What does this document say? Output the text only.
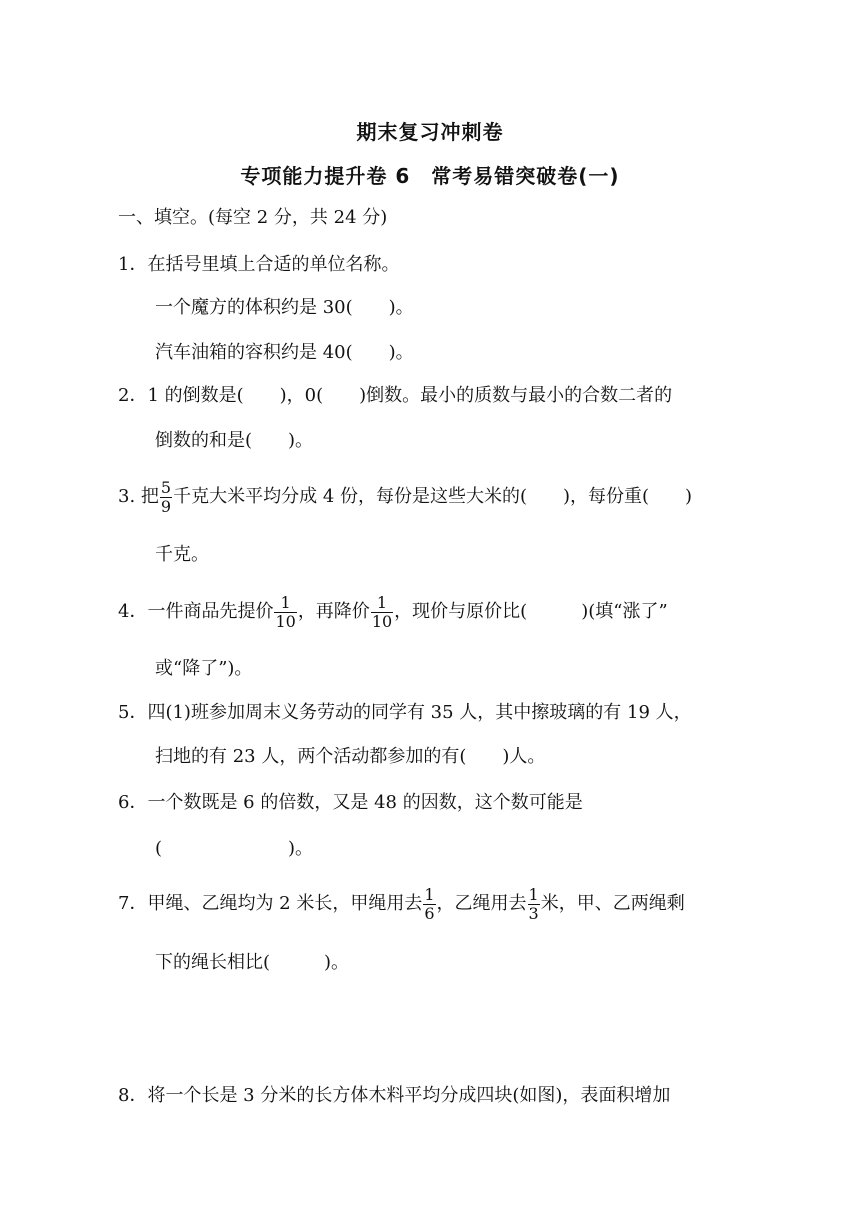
期末复习冲刺卷
专项能力提升卷 6　常考易错突破卷(一)
一、填空。(每空 2 分，共 24 分)
1．在括号里填上合适的单位名称。
一个魔方的体积约是 30(　　)。
汽车油箱的容积约是 40(　　)。
2．1 的倒数是(　　)，0(　　)倒数。最小的质数与最小的合数二者的
倒数的和是(　　)。
3. 把 $\frac{5}{9}$ 千克大米平均分成 4 份，每份是这些大米的(　　)，每份重(　　)
千克。
4．一件商品先提价 $\frac{1}{10}$ ，再降价 $\frac{1}{10}$ ，现价与原价比(　　　)(填“涨了”
或“降了”)。
5．四(1)班参加周末义务劳动的同学有 35 人，其中擦玻璃的有 19 人，
扫地的有 23 人，两个活动都参加的有(　　)人。
6．一个数既是 6 的倍数，又是 48 的因数，这个数可能是
(　　　　　　　)。
7．甲绳、乙绳均为 2 米长，甲绳用去 $\frac{1}{6}$ ，乙绳用去 $\frac{1}{3}$ 米，甲、乙两绳剩
下的绳长相比(　　　)。
8．将一个长是 3 分米的长方体木料平均分成四块(如图)，表面积增加
